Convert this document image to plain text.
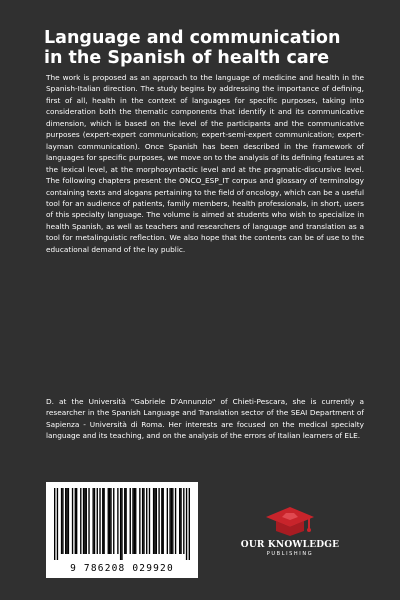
Language and communication in the Spanish of health care

The work is proposed as an approach to the language of medicine and health in the Spanish-Italian direction. The study begins by addressing the importance of defining, first of all, health in the context of languages for specific purposes, taking into consideration both the thematic components that identify it and its communicative dimension, which is based on the level of the participants and the communicative purposes (expert-expert communication; expert-semi-expert communication; expert-layman communication). Once Spanish has been described in the framework of languages for specific purposes, we move on to the analysis of its defining features at the lexical level, at the morphosyntactic level and at the pragmatic-discursive level. The following chapters present the ONCO_ESP_IT corpus and glossary of terminology containing texts and slogans pertaining to the field of oncology, which can be a useful tool for an audience of patients, family members, health professionals, in short, users of this specialty language. The volume is aimed at students who wish to specialize in health Spanish, as well as teachers and researchers of language and translation as a tool for metalinguistic reflection. We also hope that the contents can be of use to the educational demand of the lay public.

D. at the Università "Gabriele D'Annunzio" of Chieti-Pescara, she is currently a researcher in the Spanish Language and Translation sector of the SEAI Department of Sapienza - Università di Roma. Her interests are focused on the medical specialty language and its teaching, and on the analysis of the errors of Italian learners of ELE.

9 786208 029920
OUR KNOWLEDGE
PUBLISHING
